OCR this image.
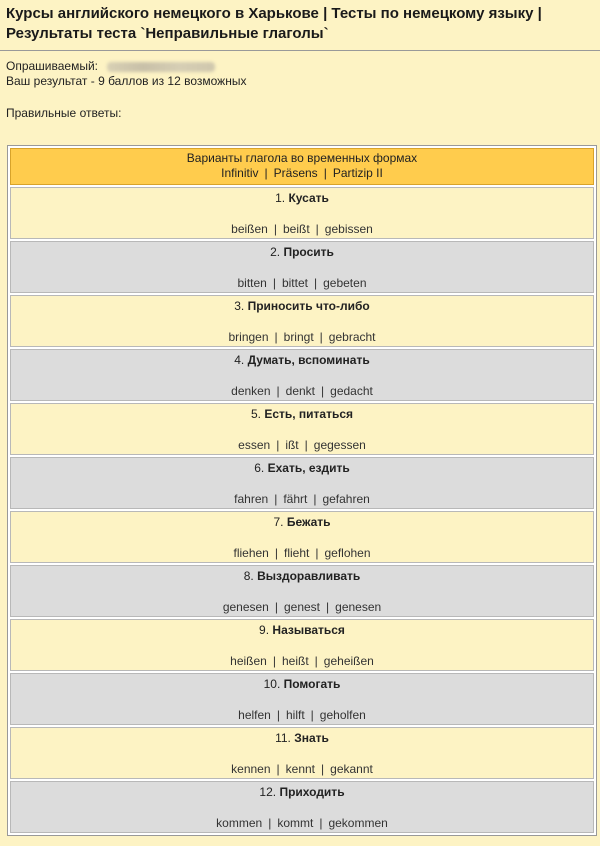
Курсы английского немецкого в Харькове | Тесты по немецкому языку |
Результаты теста `Неправильные глаголы`
Опрашиваемый:
Ваш результат - 9 баллов из 12 возможных
Правильные ответы:
Варианты глагола во временных формах
Infinitiv | Präsens | Partizip II
1. Кусать
beißen | beißt | gebissen
2. Просить
bitten | bittet | gebeten
3. Приносить что-либо
bringen | bringt | gebracht
4. Думать, вспоминать
denken | denkt | gedacht
5. Есть, питаться
essen | ißt | gegessen
6. Ехать, ездить
fahren | fährt | gefahren
7. Бежать
fliehen | flieht | geflohen
8. Выздоравливать
genesen | genest | genesen
9. Называться
heißen | heißt | geheißen
10. Помогать
helfen | hilft | geholfen
11. Знать
kennen | kennt | gekannt
12. Приходить
kommen | kommt | gekommen
